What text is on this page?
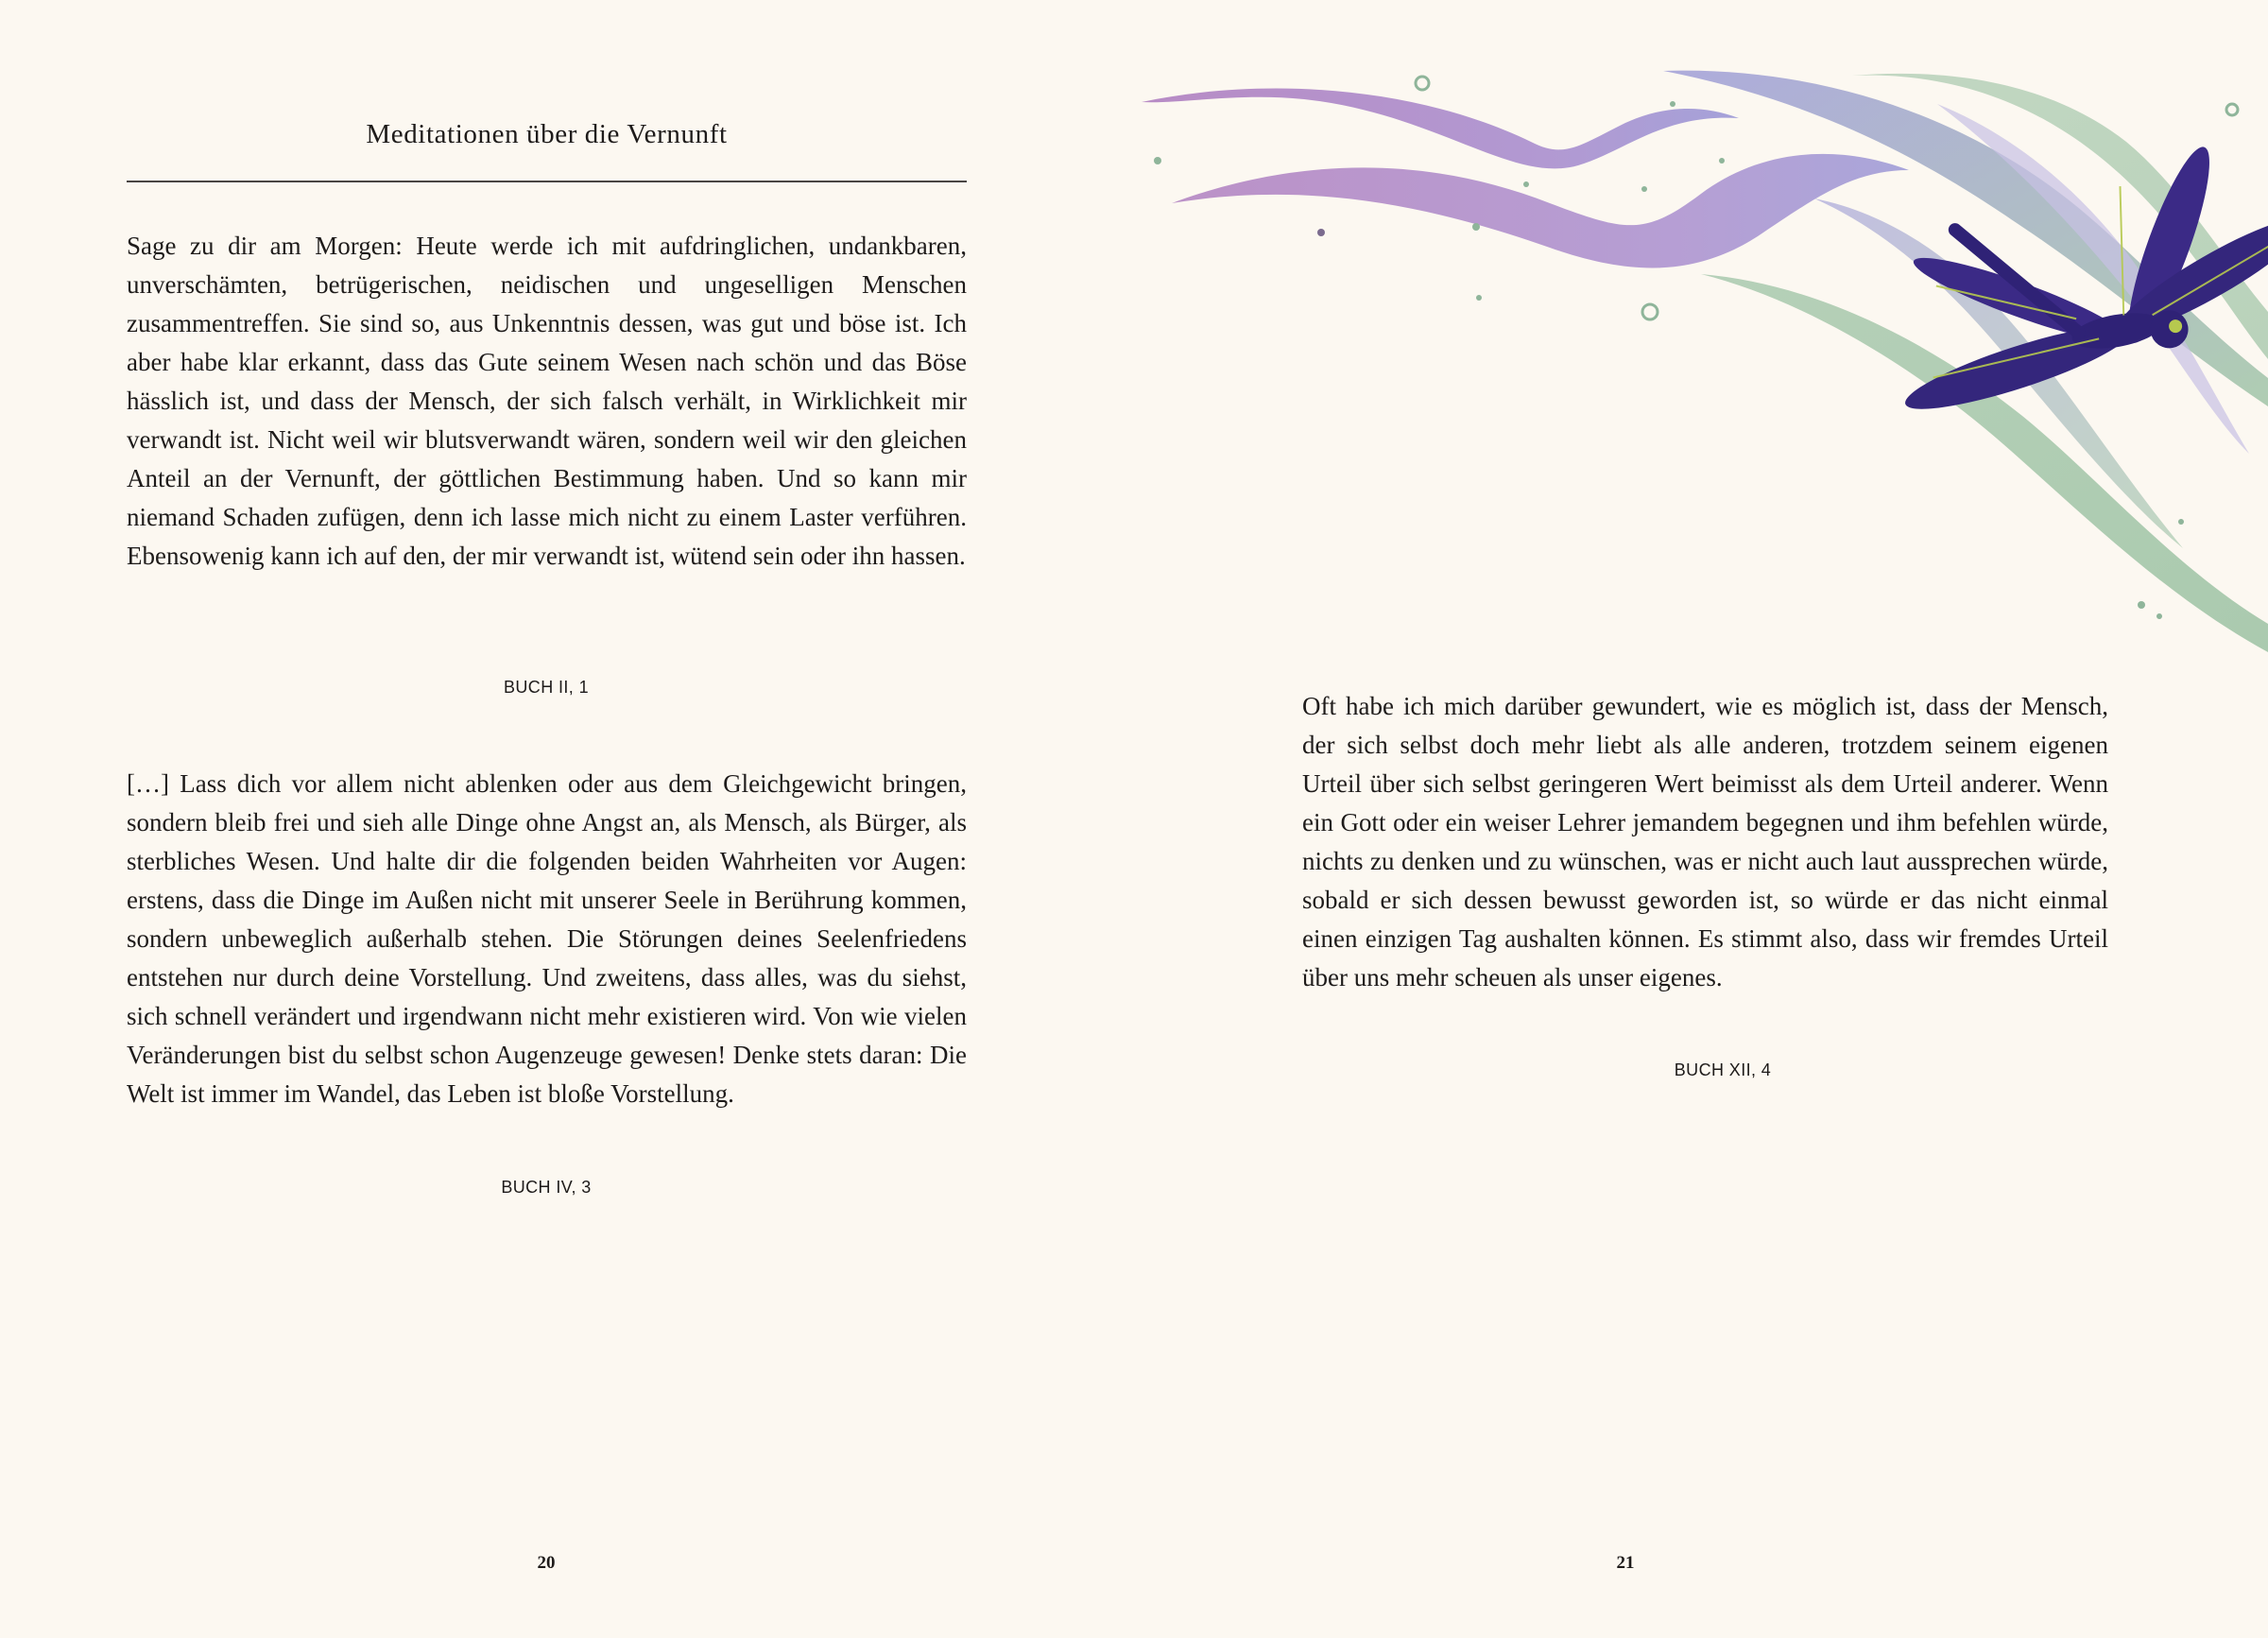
Meditationen über die Vernunft

Sage zu dir am Morgen: Heute werde ich mit aufdringlichen, undankbaren, unverschämten, betrügerischen, neidischen und ungeselligen Menschen zusammentreffen. Sie sind so, aus Unkenntnis dessen, was gut und böse ist. Ich aber habe klar erkannt, dass das Gute seinem Wesen nach schön und das Böse hässlich ist, und dass der Mensch, der sich falsch verhält, in Wirklichkeit mir verwandt ist. Nicht weil wir blutsverwandt wären, sondern weil wir den gleichen Anteil an der Vernunft, der göttlichen Bestimmung haben. Und so kann mir niemand Schaden zufügen, denn ich lasse mich nicht zu einem Laster verführen. Ebensowenig kann ich auf den, der mir verwandt ist, wütend sein oder ihn hassen.

BUCH II, 1

[…] Lass dich vor allem nicht ablenken oder aus dem Gleichgewicht bringen, sondern bleib frei und sieh alle Dinge ohne Angst an, als Mensch, als Bürger, als sterbliches Wesen. Und halte dir die folgenden beiden Wahrheiten vor Augen: erstens, dass die Dinge im Außen nicht mit unserer Seele in Berührung kommen, sondern unbeweglich außerhalb stehen. Die Störungen deines Seelenfriedens entstehen nur durch deine Vorstellung. Und zweitens, dass alles, was du siehst, sich schnell verändert und irgendwann nicht mehr existieren wird. Von wie vielen Veränderungen bist du selbst schon Augenzeuge gewesen! Denke stets daran: Die Welt ist immer im Wandel, das Leben ist bloße Vorstellung.

BUCH IV, 3
20

Oft habe ich mich darüber gewundert, wie es möglich ist, dass der Mensch, der sich selbst doch mehr liebt als alle anderen, trotzdem seinem eigenen Urteil über sich selbst geringeren Wert beimisst als dem Urteil anderer. Wenn ein Gott oder ein weiser Lehrer jemandem begegnen und ihm befehlen würde, nichts zu denken und zu wünschen, was er nicht auch laut aussprechen würde, sobald er sich dessen bewusst geworden ist, so würde er das nicht einmal einen einzigen Tag aushalten können. Es stimmt also, dass wir fremdes Urteil über uns mehr scheuen als unser eigenes.

BUCH XII, 4
21
